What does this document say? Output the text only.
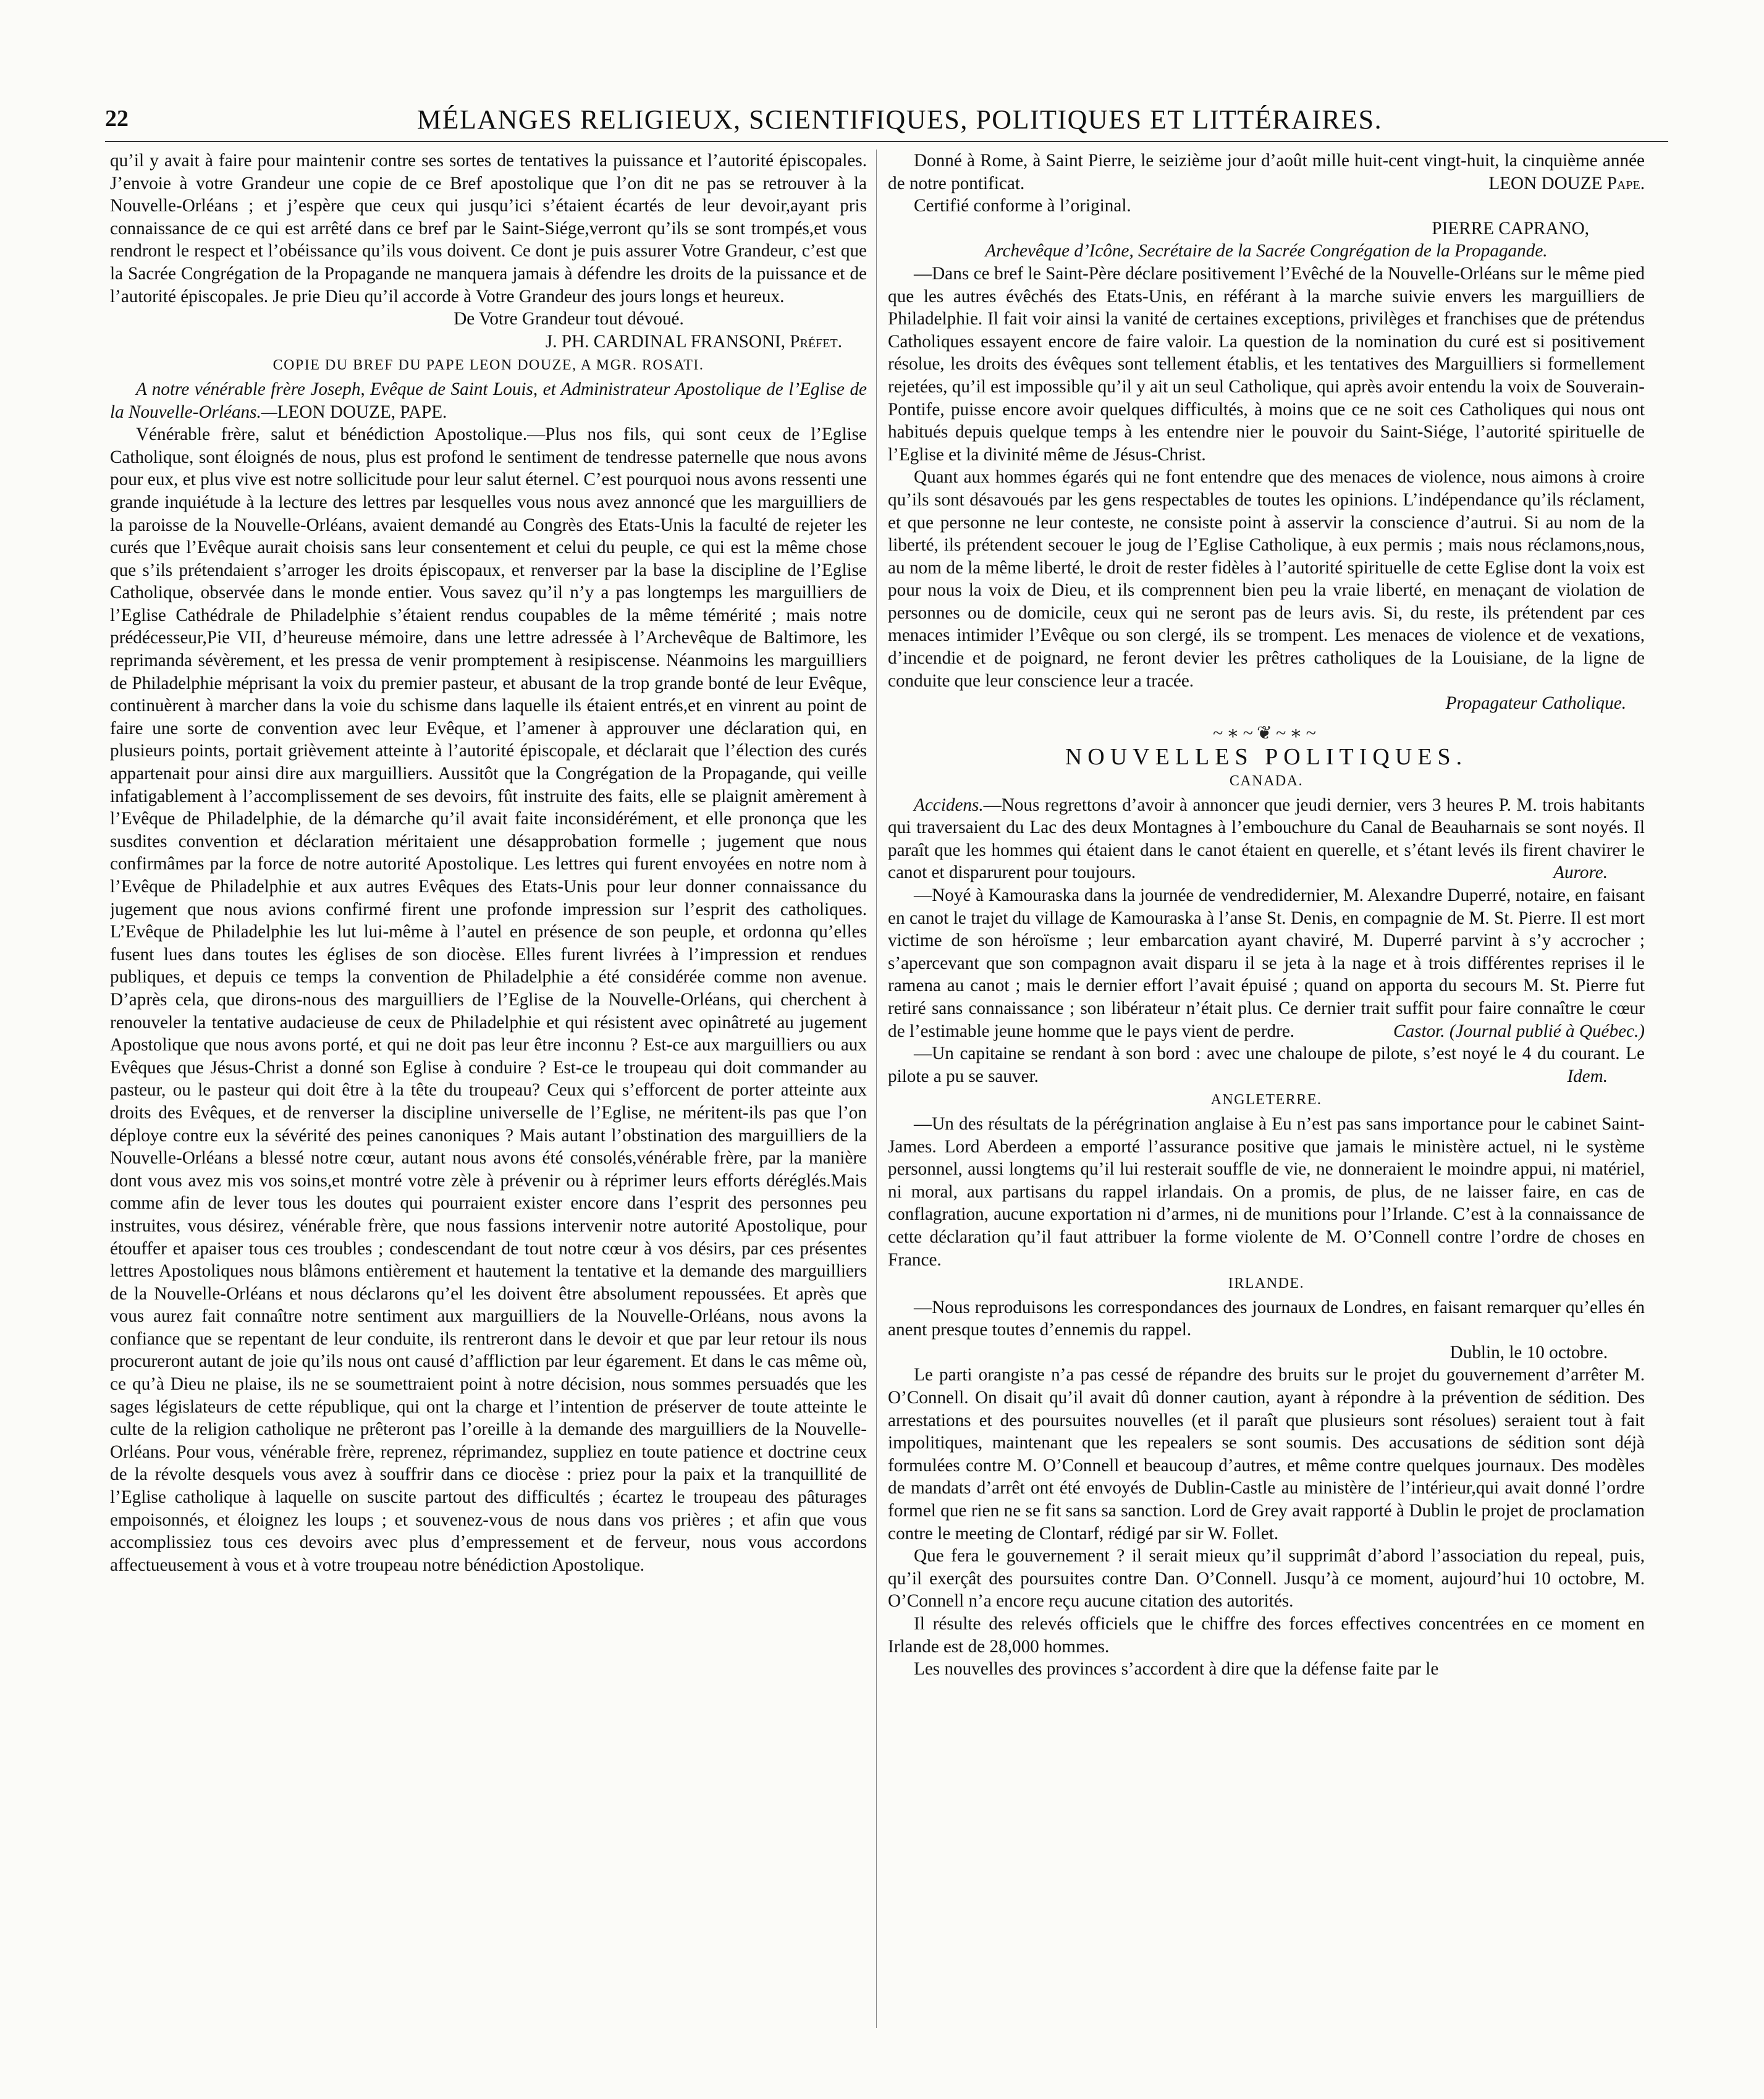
22	MÉLANGES RELIGIEUX, SCIENTIFIQUES, POLITIQUES ET LITTÉRAIRES.

qu’il y avait à faire pour maintenir contre ses sortes de tentatives la puissance et l’autorité épiscopales. J’envoie à votre Grandeur une copie de ce Bref apostolique que l’on dit ne pas se retrouver à la Nouvelle-Orléans ; et j’espère que ceux qui jusqu’ici s’étaient écartés de leur devoir,ayant pris connaissance de ce qui est arrêté dans ce bref par le Saint-Siége,verront qu’ils se sont trompés,et vous rendront le respect et l’obéissance qu’ils vous doivent. Ce dont je puis assurer Votre Grandeur, c’est que la Sacrée Congrégation de la Propagande ne manquera jamais à défendre les droits de la puissance et de l’autorité épiscopales. Je prie Dieu qu’il accorde à Votre Grandeur des jours longs et heureux.

De Votre Grandeur tout dévoué.

J. PH. CARDINAL FRANSONI, Préfet.

COPIE DU BREF DU PAPE LEON DOUZE, A MGR. ROSATI.

A notre vénérable frère Joseph, Evêque de Saint Louis, et Administrateur Apostolique de l’Eglise de la Nouvelle-Orléans.—LEON DOUZE, PAPE.

Vénérable frère, salut et bénédiction Apostolique.—Plus nos fils, qui sont ceux de l’Eglise Catholique, sont éloignés de nous, plus est profond le sentiment de tendresse paternelle que nous avons pour eux, et plus vive est notre sollicitude pour leur salut éternel. C’est pourquoi nous avons ressenti une grande inquiétude à la lecture des lettres par lesquelles vous nous avez annoncé que les marguilliers de la paroisse de la Nouvelle-Orléans, avaient demandé au Congrès des Etats-Unis la faculté de rejeter les curés que l’Evêque aurait choisis sans leur consentement et celui du peuple, ce qui est la même chose que s’ils prétendaient s’arroger les droits épiscopaux, et renverser par la base la discipline de l’Eglise Catholique, observée dans le monde entier. Vous savez qu’il n’y a pas longtemps les marguilliers de l’Eglise Cathédrale de Philadelphie s’étaient rendus coupables de la même témérité ; mais notre prédécesseur,Pie VII, d’heureuse mémoire, dans une lettre adressée à l’Archevêque de Baltimore, les reprimanda sévèrement, et les pressa de venir promptement à resipiscense. Néanmoins les marguilliers de Philadelphie méprisant la voix du premier pasteur, et abusant de la trop grande bonté de leur Evêque, continuèrent à marcher dans la voie du schisme dans laquelle ils étaient entrés,et en vinrent au point de faire une sorte de convention avec leur Evêque, et l’amener à approuver une déclaration qui, en plusieurs points, portait grièvement atteinte à l’autorité épiscopale, et déclarait que l’élection des curés appartenait pour ainsi dire aux marguilliers. Aussitôt que la Congrégation de la Propagande, qui veille infatigablement à l’accomplissement de ses devoirs, fût instruite des faits, elle se plaignit amèrement à l’Evêque de Philadelphie, de la démarche qu’il avait faite inconsidérément, et elle prononça que les susdites convention et déclaration méritaient une désapprobation formelle ; jugement que nous confirmâmes par la force de notre autorité Apostolique. Les lettres qui furent envoyées en notre nom à l’Evêque de Philadelphie et aux autres Evêques des Etats-Unis pour leur donner connaissance du jugement que nous avions confirmé firent une profonde impression sur l’esprit des catholiques. L’Evêque de Philadelphie les lut lui-même à l’autel en présence de son peuple, et ordonna qu’elles fusent lues dans toutes les églises de son diocèse. Elles furent livrées à l’impression et rendues publiques, et depuis ce temps la convention de Philadelphie a été considérée comme non avenue. D’après cela, que dirons-nous des marguilliers de l’Eglise de la Nouvelle-Orléans, qui cherchent à renouveler la tentative audacieuse de ceux de Philadelphie et qui résistent avec opinâtreté au jugement Apostolique que nous avons porté, et qui ne doit pas leur être inconnu ? Est-ce aux marguilliers ou aux Evêques que Jésus-Christ a donné son Eglise à conduire ? Est-ce le troupeau qui doit commander au pasteur, ou le pasteur qui doit être à la tête du troupeau? Ceux qui s’efforcent de porter atteinte aux droits des Evêques, et de renverser la discipline universelle de l’Eglise, ne méritent-ils pas que l’on déploye contre eux la sévérité des peines canoniques ? Mais autant l’obstination des marguilliers de la Nouvelle-Orléans a blessé notre cœur, autant nous avons été consolés,vénérable frère, par la manière dont vous avez mis vos soins,et montré votre zèle à prévenir ou à réprimer leurs efforts déréglés.Mais comme afin de lever tous les doutes qui pourraient exister encore dans l’esprit des personnes peu instruites, vous désirez, vénérable frère, que nous fassions intervenir notre autorité Apostolique, pour étouffer et apaiser tous ces troubles ; condescendant de tout notre cœur à vos désirs, par ces présentes lettres Apostoliques nous blâmons entièrement et hautement la tentative et la demande des marguilliers de la Nouvelle-Orléans et nous déclarons qu’el les doivent être absolument repoussées. Et après que vous aurez fait connaître notre sentiment aux marguilliers de la Nouvelle-Orléans, nous avons la confiance que se repentant de leur conduite, ils rentreront dans le devoir et que par leur retour ils nous procureront autant de joie qu’ils nous ont causé d’affliction par leur égarement. Et dans le cas même où, ce qu’à Dieu ne plaise, ils ne se soumettraient point à notre décision, nous sommes persuadés que les sages législateurs de cette république, qui ont la charge et l’intention de préserver de toute atteinte le culte de la religion catholique ne prêteront pas l’oreille à la demande des marguilliers de la Nouvelle-Orléans. Pour vous, vénérable frère, reprenez, réprimandez, suppliez en toute patience et doctrine ceux de la révolte desquels vous avez à souffrir dans ce diocèse : priez pour la paix et la tranquillité de l’Eglise catholique à laquelle on suscite partout des difficultés ; écartez le troupeau des pâturages empoisonnés, et éloignez les loups ; et souvenez-vous de nous dans vos prières ; et afin que vous accomplissiez tous ces devoirs avec plus d’empressement et de ferveur, nous vous accordons affectueusement à vous et à votre troupeau notre bénédiction Apostolique.

Donné à Rome, à Saint Pierre, le seizième jour d’août mille huit-cent vingt-huit, la cinquième année de notre pontificat.	LEON DOUZE Pape.

Certifié conforme à l’original.

PIERRE CAPRANO,

Archevêque d’Icône, Secrétaire de la Sacrée Congrégation de la Propagande.

—Dans ce bref le Saint-Père déclare positivement l’Evêché de la Nouvelle-Orléans sur le même pied que les autres évêchés des Etats-Unis, en référant à la marche suivie envers les marguilliers de Philadelphie. Il fait voir ainsi la vanité de certaines exceptions, privilèges et franchises que de prétendus Catholiques essayent encore de faire valoir. La question de la nomination du curé est si positivement résolue, les droits des évêques sont tellement établis, et les tentatives des Marguilliers si formellement rejetées, qu’il est impossible qu’il y ait un seul Catholique, qui après avoir entendu la voix de Souverain-Pontife, puisse encore avoir quelques difficultés, à moins que ce ne soit ces Catholiques qui nous ont habitués depuis quelque temps à les entendre nier le pouvoir du Saint-Siége, l’autorité spirituelle de l’Eglise et la divinité même de Jésus-Christ.

Quant aux hommes égarés qui ne font entendre que des menaces de violence, nous aimons à croire qu’ils sont désavoués par les gens respectables de toutes les opinions. L’indépendance qu’ils réclament, et que personne ne leur conteste, ne consiste point à asservir la conscience d’autrui. Si au nom de la liberté, ils prétendent secouer le joug de l’Eglise Catholique, à eux permis ; mais nous réclamons,nous, au nom de la même liberté, le droit de rester fidèles à l’autorité spirituelle de cette Eglise dont la voix est pour nous la voix de Dieu, et ils comprennent bien peu la vraie liberté, en menaçant de violation de personnes ou de domicile, ceux qui ne seront pas de leurs avis. Si, du reste, ils prétendent par ces menaces intimider l’Evêque ou son clergé, ils se trompent. Les menaces de violence et de vexations, d’incendie et de poignard, ne feront devier les prêtres catholiques de la Louisiane, de la ligne de conduite que leur conscience leur a tracée.

Propagateur Catholique.

~∗~❦~∗~

NOUVELLES POLITIQUES.

CANADA.

Accidens.—Nous regrettons d’avoir à annoncer que jeudi dernier, vers 3 heures P. M. trois habitants qui traversaient du Lac des deux Montagnes à l’embouchure du Canal de Beauharnais se sont noyés. Il paraît que les hommes qui étaient dans le canot étaient en querelle, et s’étant levés ils firent chavirer le canot et disparurent pour toujours.	Aurore.

—Noyé à Kamouraska dans la journée de vendredidernier, M. Alexandre Duperré, notaire, en faisant en canot le trajet du village de Kamouraska à l’anse St. Denis, en compagnie de M. St. Pierre. Il est mort victime de son héroïsme ; leur embarcation ayant chaviré, M. Duperré parvint à s’y accrocher ; s’apercevant que son compagnon avait disparu il se jeta à la nage et à trois différentes reprises il le ramena au canot ; mais le dernier effort l’avait épuisé ; quand on apporta du secours M. St. Pierre fut retiré sans connaissance ; son libérateur n’était plus. Ce dernier trait suffit pour faire connaître le cœur de l’estimable jeune homme que le pays vient de perdre.	Castor. (Journal publié à Québec.)

—Un capitaine se rendant à son bord : avec une chaloupe de pilote, s’est noyé le 4 du courant. Le pilote a pu se sauver.	Idem.

ANGLETERRE.

—Un des résultats de la pérégrination anglaise à Eu n’est pas sans importance pour le cabinet Saint-James. Lord Aberdeen a emporté l’assurance positive que jamais le ministère actuel, ni le système personnel, aussi longtems qu’il lui resterait souffle de vie, ne donneraient le moindre appui, ni matériel, ni moral, aux partisans du rappel irlandais. On a promis, de plus, de ne laisser faire, en cas de conflagration, aucune exportation ni d’armes, ni de munitions pour l’Irlande. C’est à la connaissance de cette déclaration qu’il faut attribuer la forme violente de M. O’Connell contre l’ordre de choses en France.

IRLANDE.

—Nous reproduisons les correspondances des journaux de Londres, en faisant remarquer qu’elles én anent presque toutes d’ennemis du rappel.

Dublin, le 10 octobre.

Le parti orangiste n’a pas cessé de répandre des bruits sur le projet du gouvernement d’arrêter M. O’Connell. On disait qu’il avait dû donner caution, ayant à répondre à la prévention de sédition. Des arrestations et des poursuites nouvelles (et il paraît que plusieurs sont résolues) seraient tout à fait impolitiques, maintenant que les repealers se sont soumis. Des accusations de sédition sont déjà formulées contre M. O’Connell et beaucoup d’autres, et même contre quelques journaux. Des modèles de mandats d’arrêt ont été envoyés de Dublin-Castle au ministère de l’intérieur,qui avait donné l’ordre formel que rien ne se fit sans sa sanction. Lord de Grey avait rapporté à Dublin le projet de proclamation contre le meeting de Clontarf, rédigé par sir W. Follet.

Que fera le gouvernement ? il serait mieux qu’il supprimât d’abord l’association du repeal, puis, qu’il exerçât des poursuites contre Dan. O’Connell. Jusqu’à ce moment, aujourd’hui 10 octobre, M. O’Connell n’a encore reçu aucune citation des autorités.

Il résulte des relevés officiels que le chiffre des forces effectives concentrées en ce moment en Irlande est de 28,000 hommes.

Les nouvelles des provinces s’accordent à dire que la défense faite par le
